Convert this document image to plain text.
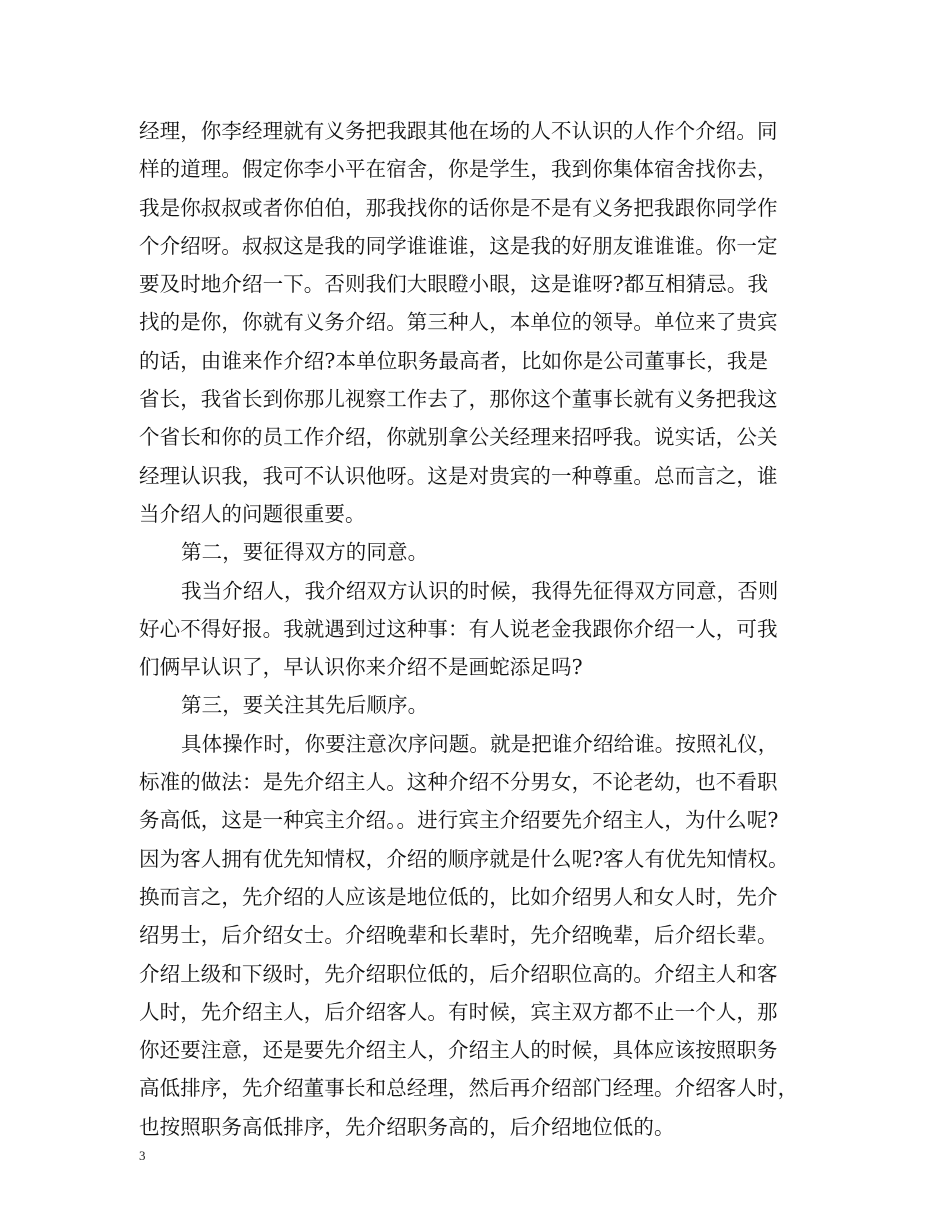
经理，你李经理就有义务把我跟其他在场的人不认识的人作个介绍。同
样的道理。假定你李小平在宿舍，你是学生，我到你集体宿舍找你去，
我是你叔叔或者你伯伯，那我找你的话你是不是有义务把我跟你同学作
个介绍呀。叔叔这是我的同学谁谁谁，这是我的好朋友谁谁谁。你一定
要及时地介绍一下。否则我们大眼瞪小眼，这是谁呀?都互相猜忌。我
找的是你，你就有义务介绍。第三种人，本单位的领导。单位来了贵宾
的话，由谁来作介绍?本单位职务最高者，比如你是公司董事长，我是
省长，我省长到你那儿视察工作去了，那你这个董事长就有义务把我这
个省长和你的员工作介绍，你就别拿公关经理来招呼我。说实话，公关
经理认识我，我可不认识他呀。这是对贵宾的一种尊重。总而言之，谁
当介绍人的问题很重要。
第二，要征得双方的同意。
我当介绍人，我介绍双方认识的时候，我得先征得双方同意，否则
好心不得好报。我就遇到过这种事：有人说老金我跟你介绍一人，可我
们俩早认识了，早认识你来介绍不是画蛇添足吗?
第三，要关注其先后顺序。
具体操作时，你要注意次序问题。就是把谁介绍给谁。按照礼仪，
标准的做法：是先介绍主人。这种介绍不分男女，不论老幼，也不看职
务高低，这是一种宾主介绍。。进行宾主介绍要先介绍主人，为什么呢?
因为客人拥有优先知情权，介绍的顺序就是什么呢?客人有优先知情权。
换而言之，先介绍的人应该是地位低的，比如介绍男人和女人时，先介
绍男士，后介绍女士。介绍晚辈和长辈时，先介绍晚辈，后介绍长辈。
介绍上级和下级时，先介绍职位低的，后介绍职位高的。介绍主人和客
人时，先介绍主人，后介绍客人。有时候，宾主双方都不止一个人，那
你还要注意，还是要先介绍主人，介绍主人的时候，具体应该按照职务
高低排序，先介绍董事长和总经理，然后再介绍部门经理。介绍客人时，
也按照职务高低排序，先介绍职务高的，后介绍地位低的。
3
